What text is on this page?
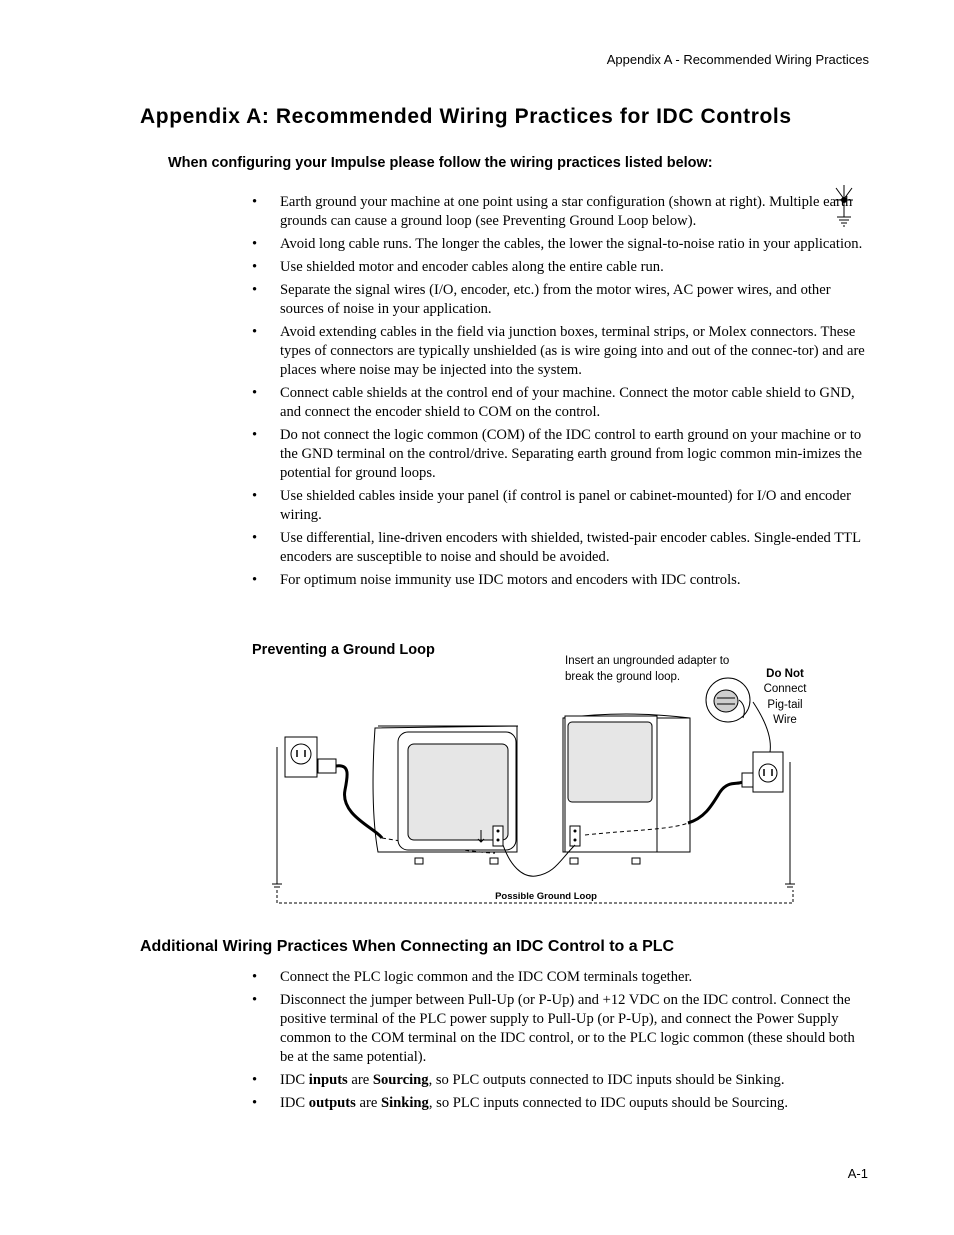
Appendix A - Recommended Wiring Practices
Appendix A: Recommended Wiring Practices for IDC Controls
When configuring your Impulse please follow the wiring practices listed below:
• Earth ground your machine at one point using a star configuration (shown at right). Multiple earth grounds can cause a ground loop (see Preventing Ground Loop below).
• Avoid long cable runs. The longer the cables, the lower the signal-to-noise ratio in your application.
• Use shielded motor and encoder cables along the entire cable run.
• Separate the signal wires (I/O, encoder, etc.) from the motor wires, AC power wires, and other sources of noise in your application.
• Avoid extending cables in the field via junction boxes, terminal strips, or Molex connectors. These types of connectors are typically unshielded (as is wire going into and out of the connec-tor) and are places where noise may be injected into the system.
• Connect cable shields at the control end of your machine. Connect the motor cable shield to GND, and connect the encoder shield to COM on the control.
• Do not connect the logic common (COM) of the IDC control to earth ground on your machine or to the GND terminal on the control/drive. Separating earth ground from logic common min-imizes the potential for ground loops.
• Use shielded cables inside your panel (if control is panel or cabinet-mounted) for I/O and encoder wiring.
• Use differential, line-driven encoders with shielded, twisted-pair encoder cables. Single-ended TTL encoders are susceptible to noise and should be avoided.
• For optimum noise immunity use IDC motors and encoders with IDC controls.
Preventing a Ground Loop
Insert an ungrounded adapter to
break the ground loop.	Do Not
Connect
Pig-tail
Wire
Possible Ground Loop
Additional Wiring Practices When Connecting an IDC Control to a PLC
• Connect the PLC logic common and the IDC COM terminals together.
• Disconnect the jumper between Pull-Up (or P-Up) and +12 VDC on the IDC control. Connect the positive terminal of the PLC power supply to Pull-Up (or P-Up), and connect the Power Supply common to the COM terminal on the IDC control, or to the PLC logic common (these should both be at the same potential).
• IDC inputs are Sourcing, so PLC outputs connected to IDC inputs should be Sinking.
• IDC outputs are Sinking, so PLC inputs connected to IDC ouputs should be Sourcing.
A-1
